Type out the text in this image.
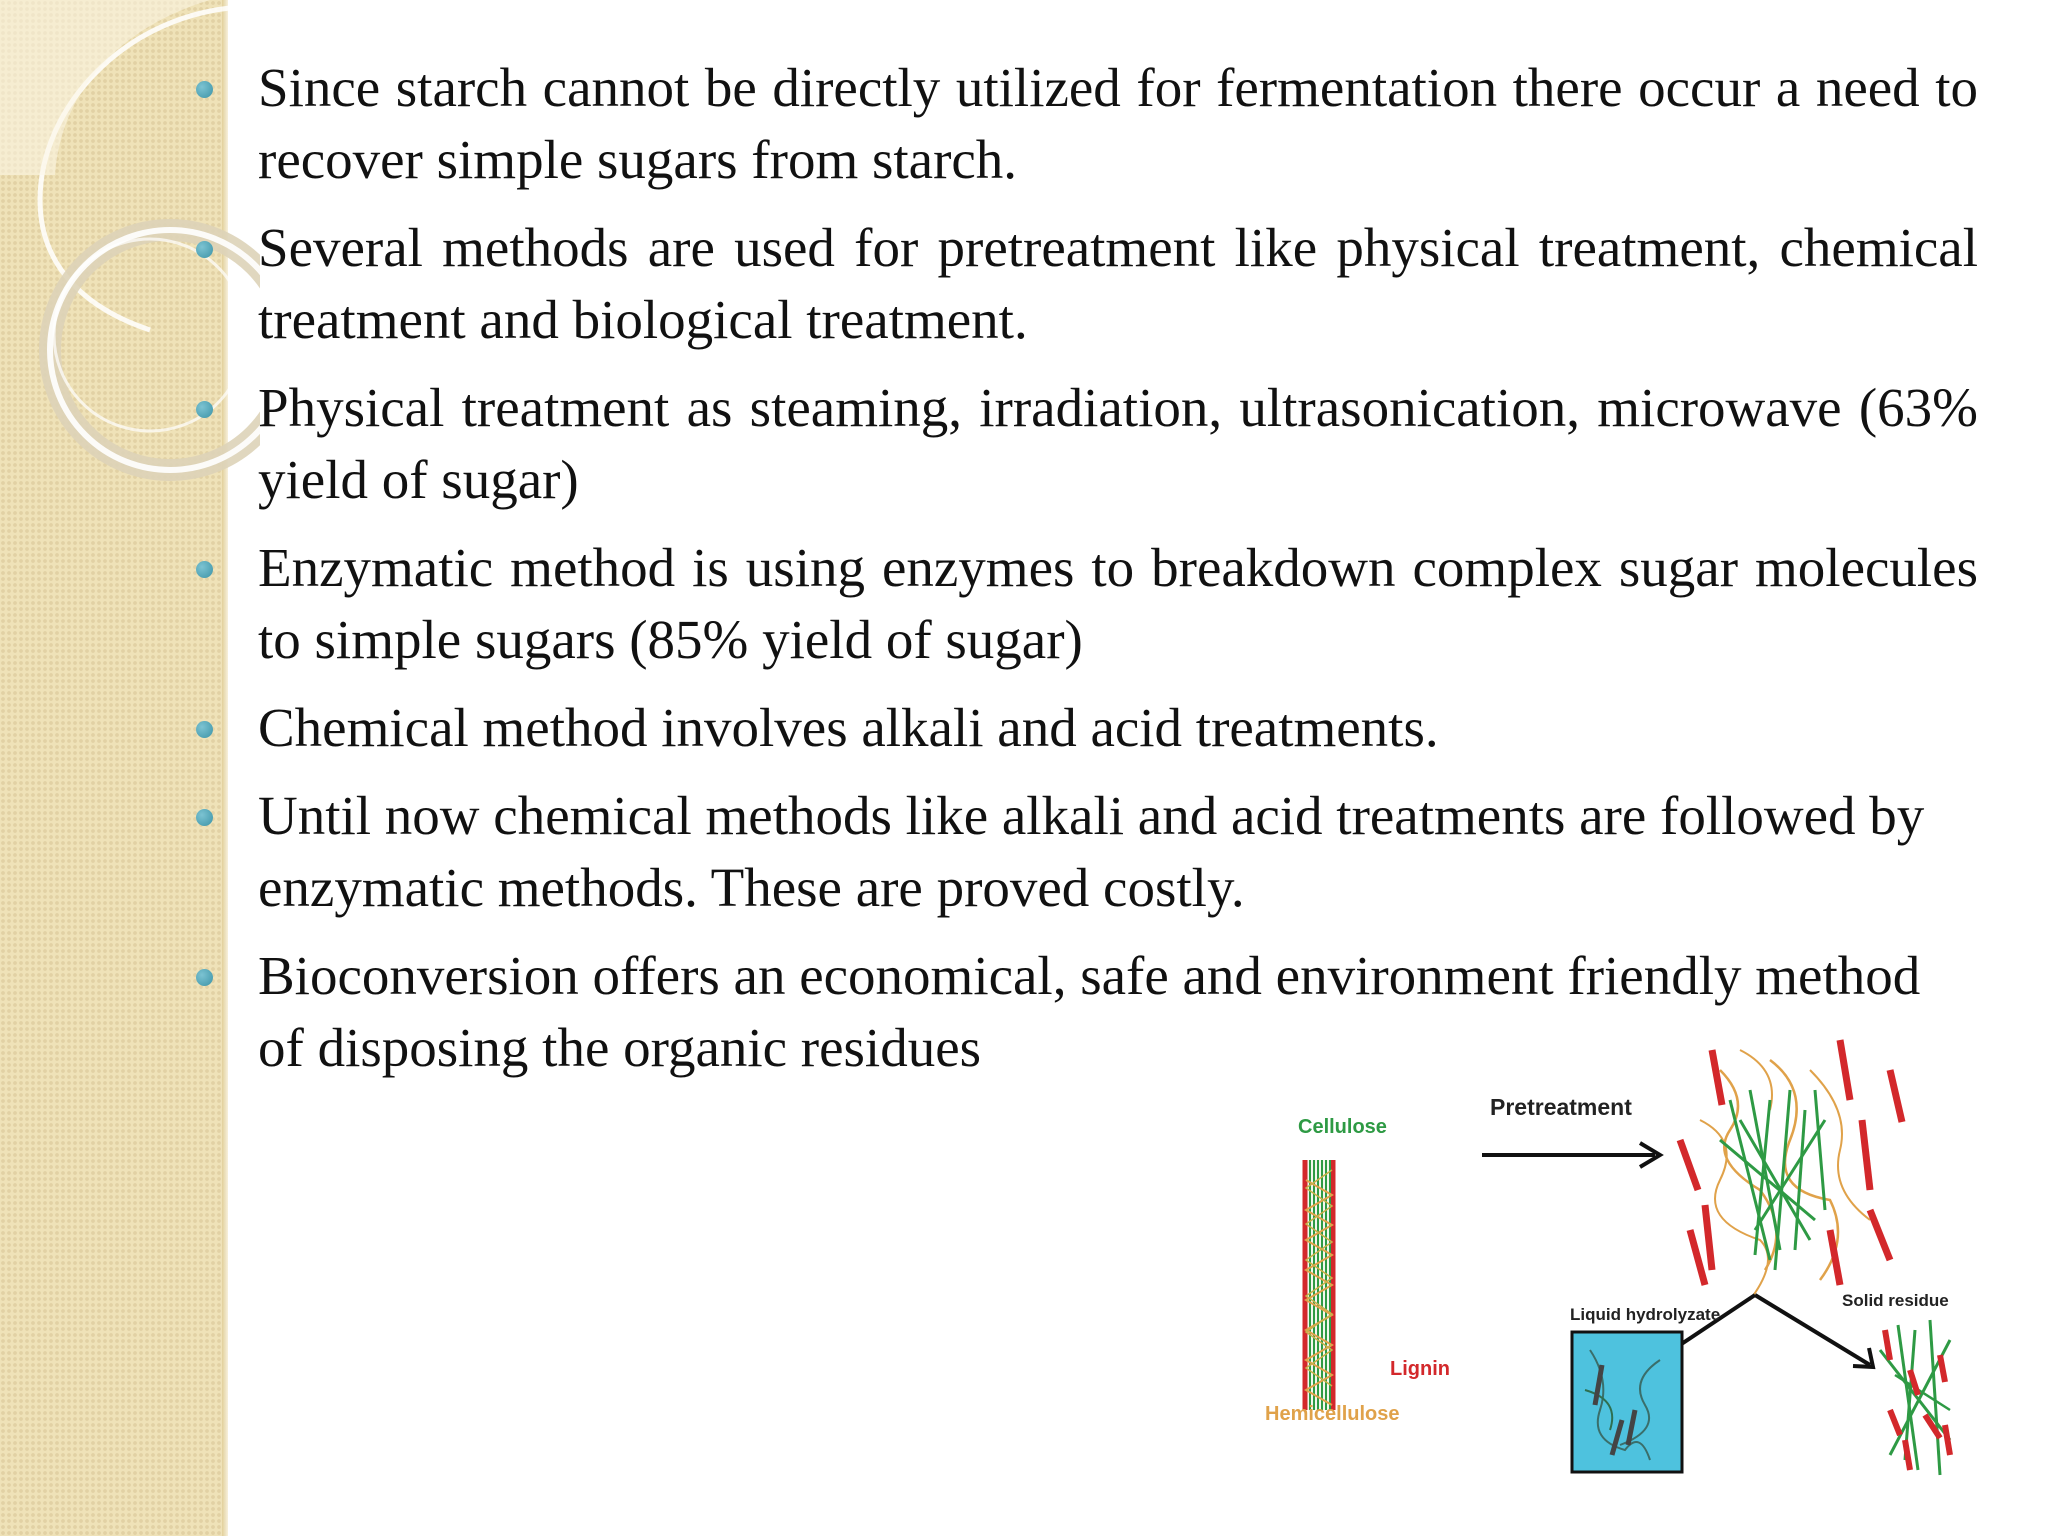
Since starch cannot be directly utilized for fermentation there occur a need to recover simple sugars from starch.
Several methods are used for pretreatment like physical treatment, chemical treatment and biological treatment.
Physical treatment as steaming, irradiation, ultrasonication, microwave (63% yield of sugar)
Enzymatic method is using enzymes to breakdown complex sugar molecules to simple sugars (85% yield of sugar)
Chemical method involves alkali and acid treatments.
Until now chemical methods like alkali and acid treatments are followed by enzymatic methods. These are proved costly.
Bioconversion offers an economical, safe and environment friendly method of disposing the organic residues
Cellulose
Lignin
Hemicellulose
Pretreatment
Liquid hydrolyzate
Solid residue
